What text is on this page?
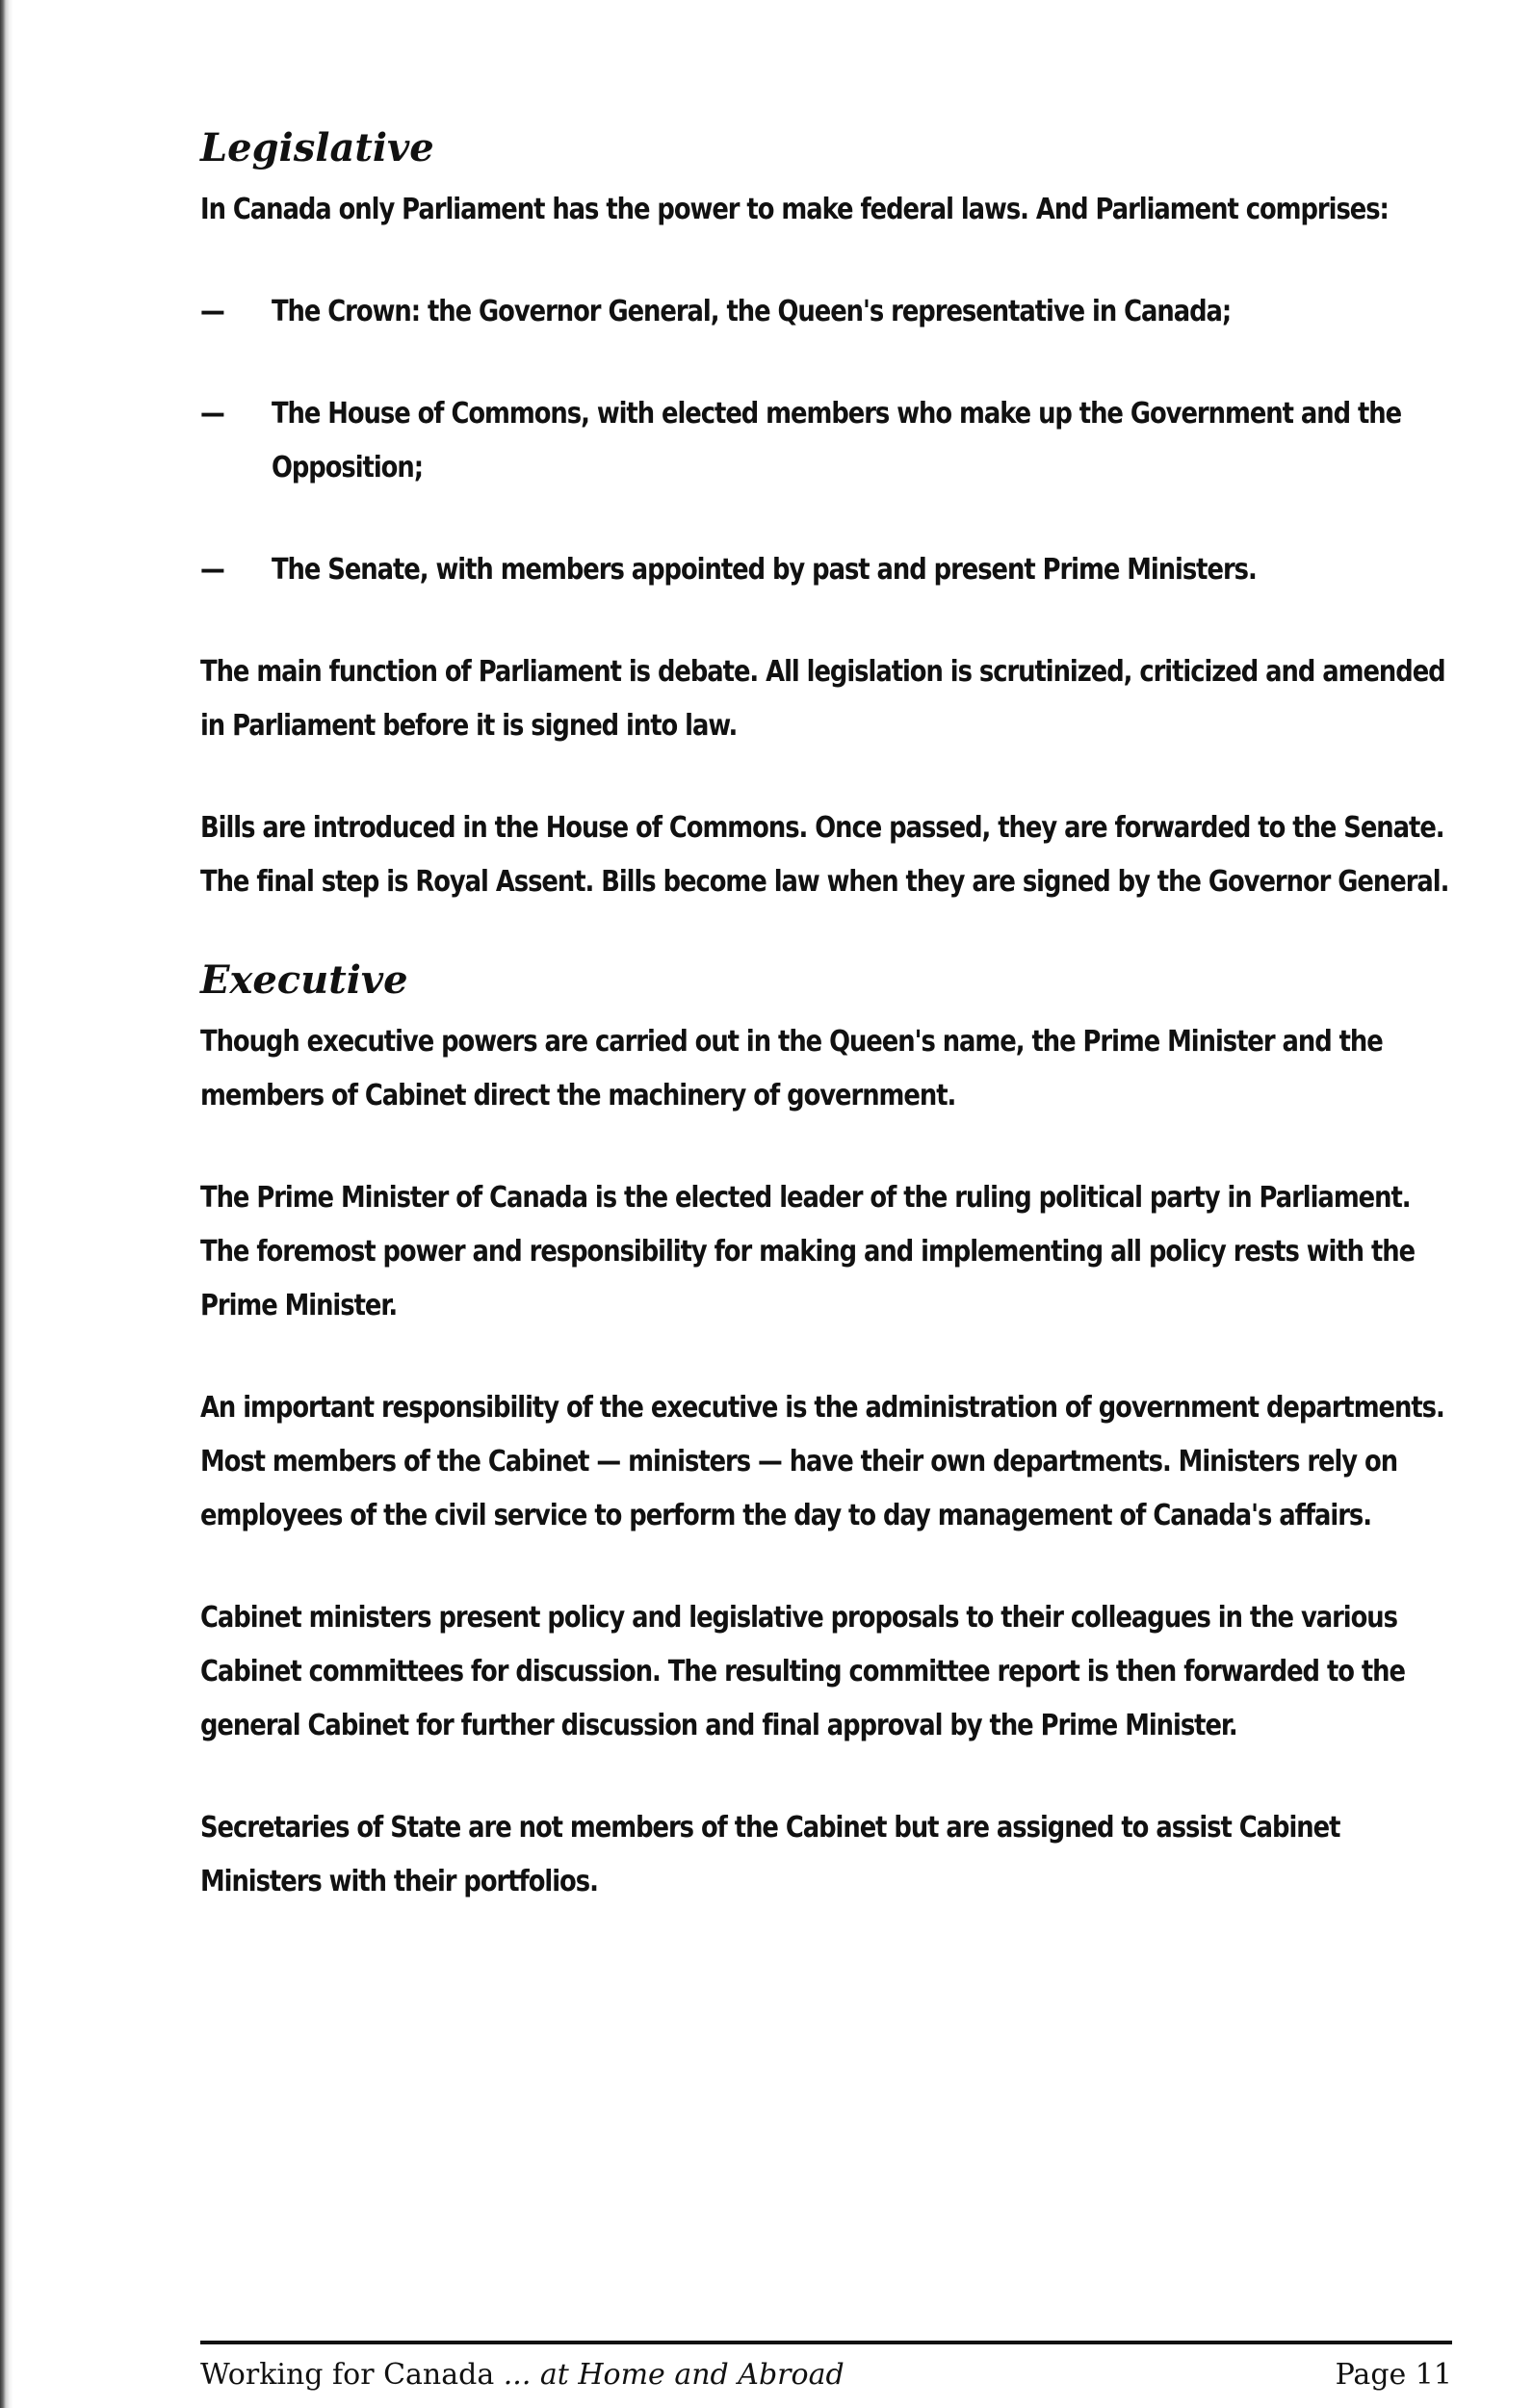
Legislative

In Canada only Parliament has the power to make federal laws. And Parliament comprises:

— The Crown: the Governor General, the Queen's representative in Canada;
— The House of Commons, with elected members who make up the Government and the Opposition;
— The Senate, with members appointed by past and present Prime Ministers.

The main function of Parliament is debate. All legislation is scrutinized, criticized and amended in Parliament before it is signed into law.

Bills are introduced in the House of Commons. Once passed, they are forwarded to the Senate. The final step is Royal Assent. Bills become law when they are signed by the Governor General.

Executive

Though executive powers are carried out in the Queen's name, the Prime Minister and the members of Cabinet direct the machinery of government.

The Prime Minister of Canada is the elected leader of the ruling political party in Parliament. The foremost power and responsibility for making and implementing all policy rests with the Prime Minister.

An important responsibility of the executive is the administration of government departments. Most members of the Cabinet — ministers — have their own departments. Ministers rely on employees of the civil service to perform the day to day management of Canada's affairs.

Cabinet ministers present policy and legislative proposals to their colleagues in the various Cabinet committees for discussion. The resulting committee report is then forwarded to the general Cabinet for further discussion and final approval by the Prime Minister.

Secretaries of State are not members of the Cabinet but are assigned to assist Cabinet Ministers with their portfolios.

Working for Canada ... at Home and Abroad	Page 11
